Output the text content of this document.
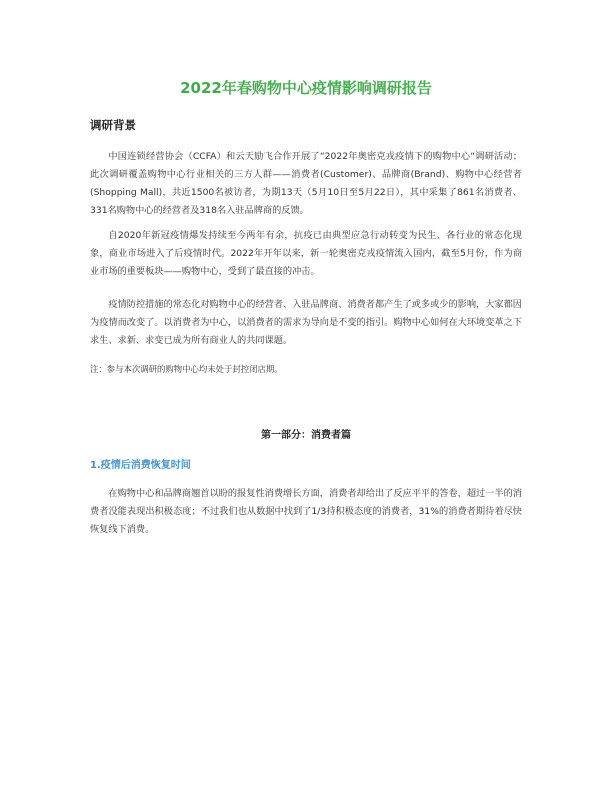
2022年春购物中心疫情影响调研报告
调研背景

中国连锁经营协会（CCFA）和云天励飞合作开展了“2022年奥密克戎疫情下的购物中心“调研活动；此次调研覆盖购物中心行业相关的三方人群——消费者(Customer)、品牌商(Brand)、购物中心经营者(Shopping Mall)，共近1500名被访者，为期13天（5月10日至5月22日），其中采集了861名消费者、331名购物中心的经营者及318名入驻品牌商的反馈。

自2020年新冠疫情爆发持续至今两年有余，抗疫已由典型应急行动转变为民生、各行业的常态化现象，商业市场进入了后疫情时代。2022年开年以来，新一轮奥密克戎疫情流入国内，截至5月份，作为商业市场的重要板块——购物中心，受到了最直接的冲击。

疫情防控措施的常态化对购物中心的经营者、入驻品牌商、消费者都产生了或多或少的影响，大家都因为疫情而改变了。以消费者为中心，以消费者的需求为导向是不变的指引。购物中心如何在大环境变革之下求生、求新、求变已成为所有商业人的共同课题。

注：参与本次调研的购物中心均未处于封控闭店期。

第一部分：消费者篇
1.疫情后消费恢复时间

在购物中心和品牌商翘首以盼的报复性消费增长方面，消费者却给出了反应平平的答卷，超过一半的消费者没能表现出积极态度；不过我们也从数据中找到了1/3持积极态度的消费者，31%的消费者期待着尽快恢复线下消费。
